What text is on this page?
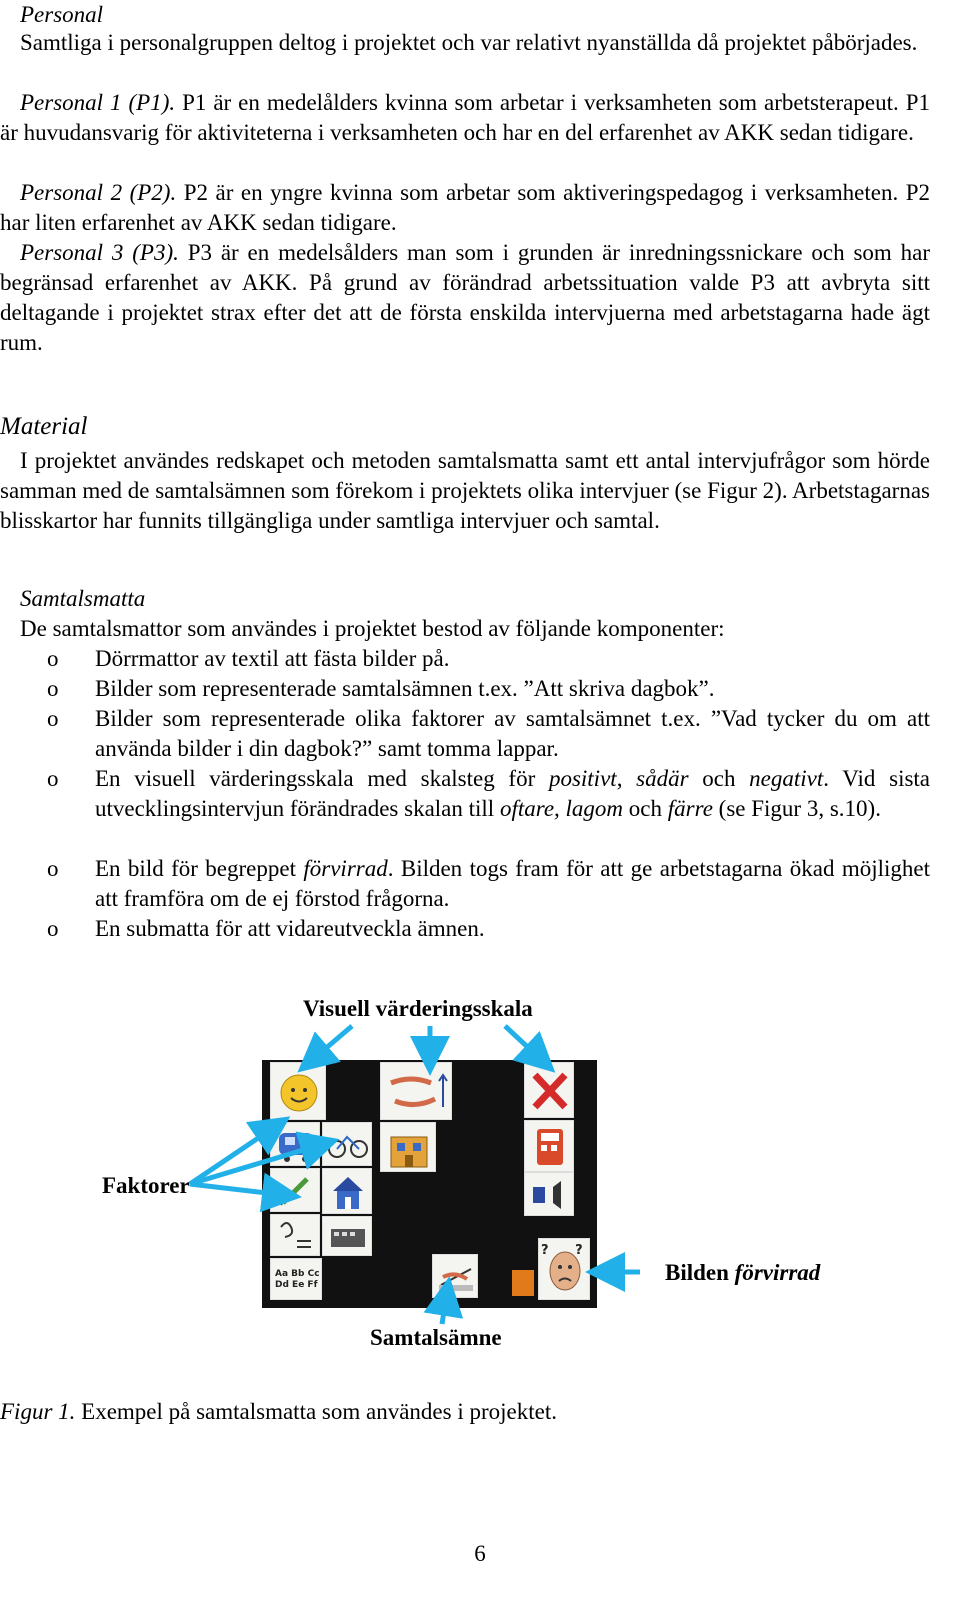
Personal

Samtliga i personalgruppen deltog i projektet och var relativt nyanställda då projektet påbörjades.

Personal 1 (P1). P1 är en medelålders kvinna som arbetar i verksamheten som arbetsterapeut. P1 är huvudansvarig för aktiviteterna i verksamheten och har en del erfarenhet av AKK sedan tidigare.

Personal 2 (P2). P2 är en yngre kvinna som arbetar som aktiveringspedagog i verksamheten. P2 har liten erfarenhet av AKK sedan tidigare.

Personal 3 (P3). P3 är en medelsålders man som i grunden är inredningssnickare och som har begränsad erfarenhet av AKK. På grund av förändrad arbetssituation valde P3 att avbryta sitt deltagande i projektet strax efter det att de första enskilda intervjuerna med arbetstagarna hade ägt rum.

Material

I projektet användes redskapet och metoden samtalsmatta samt ett antal intervjufrågor som hörde samman med de samtalsämnen som förekom i projektets olika intervjuer (se Figur 2). Arbetstagarnas blisskartor har funnits tillgängliga under samtliga intervjuer och samtal.

Samtalsmatta
De samtalsmattor som användes i projektet bestod av följande komponenter:
o Dörrmattor av textil att fästa bilder på.
o Bilder som representerade samtalsämnen t.ex. ”Att skriva dagbok”.
o Bilder som representerade olika faktorer av samtalsämnet t.ex. ”Vad tycker du om att använda bilder i din dagbok?” samt tomma lappar.
o En visuell värderingsskala med skalsteg för positivt, sådär och negativt. Vid sista utvecklingsintervjun förändrades skalan till oftare, lagom och färre (se Figur 3, s.10).
o En bild för begreppet förvirrad. Bilden togs fram för att ge arbetstagarna ökad möjlighet att framföra om de ej förstod frågorna.
o En submatta för att vidareutveckla ämnen.
Visuell värderingsskala
Faktorer
Bilden förvirrad
Samtalsämne
Aa Bb Cc Dd Ee Ff
? ?
Figur 1. Exempel på samtalsmatta som användes i projektet.
6
